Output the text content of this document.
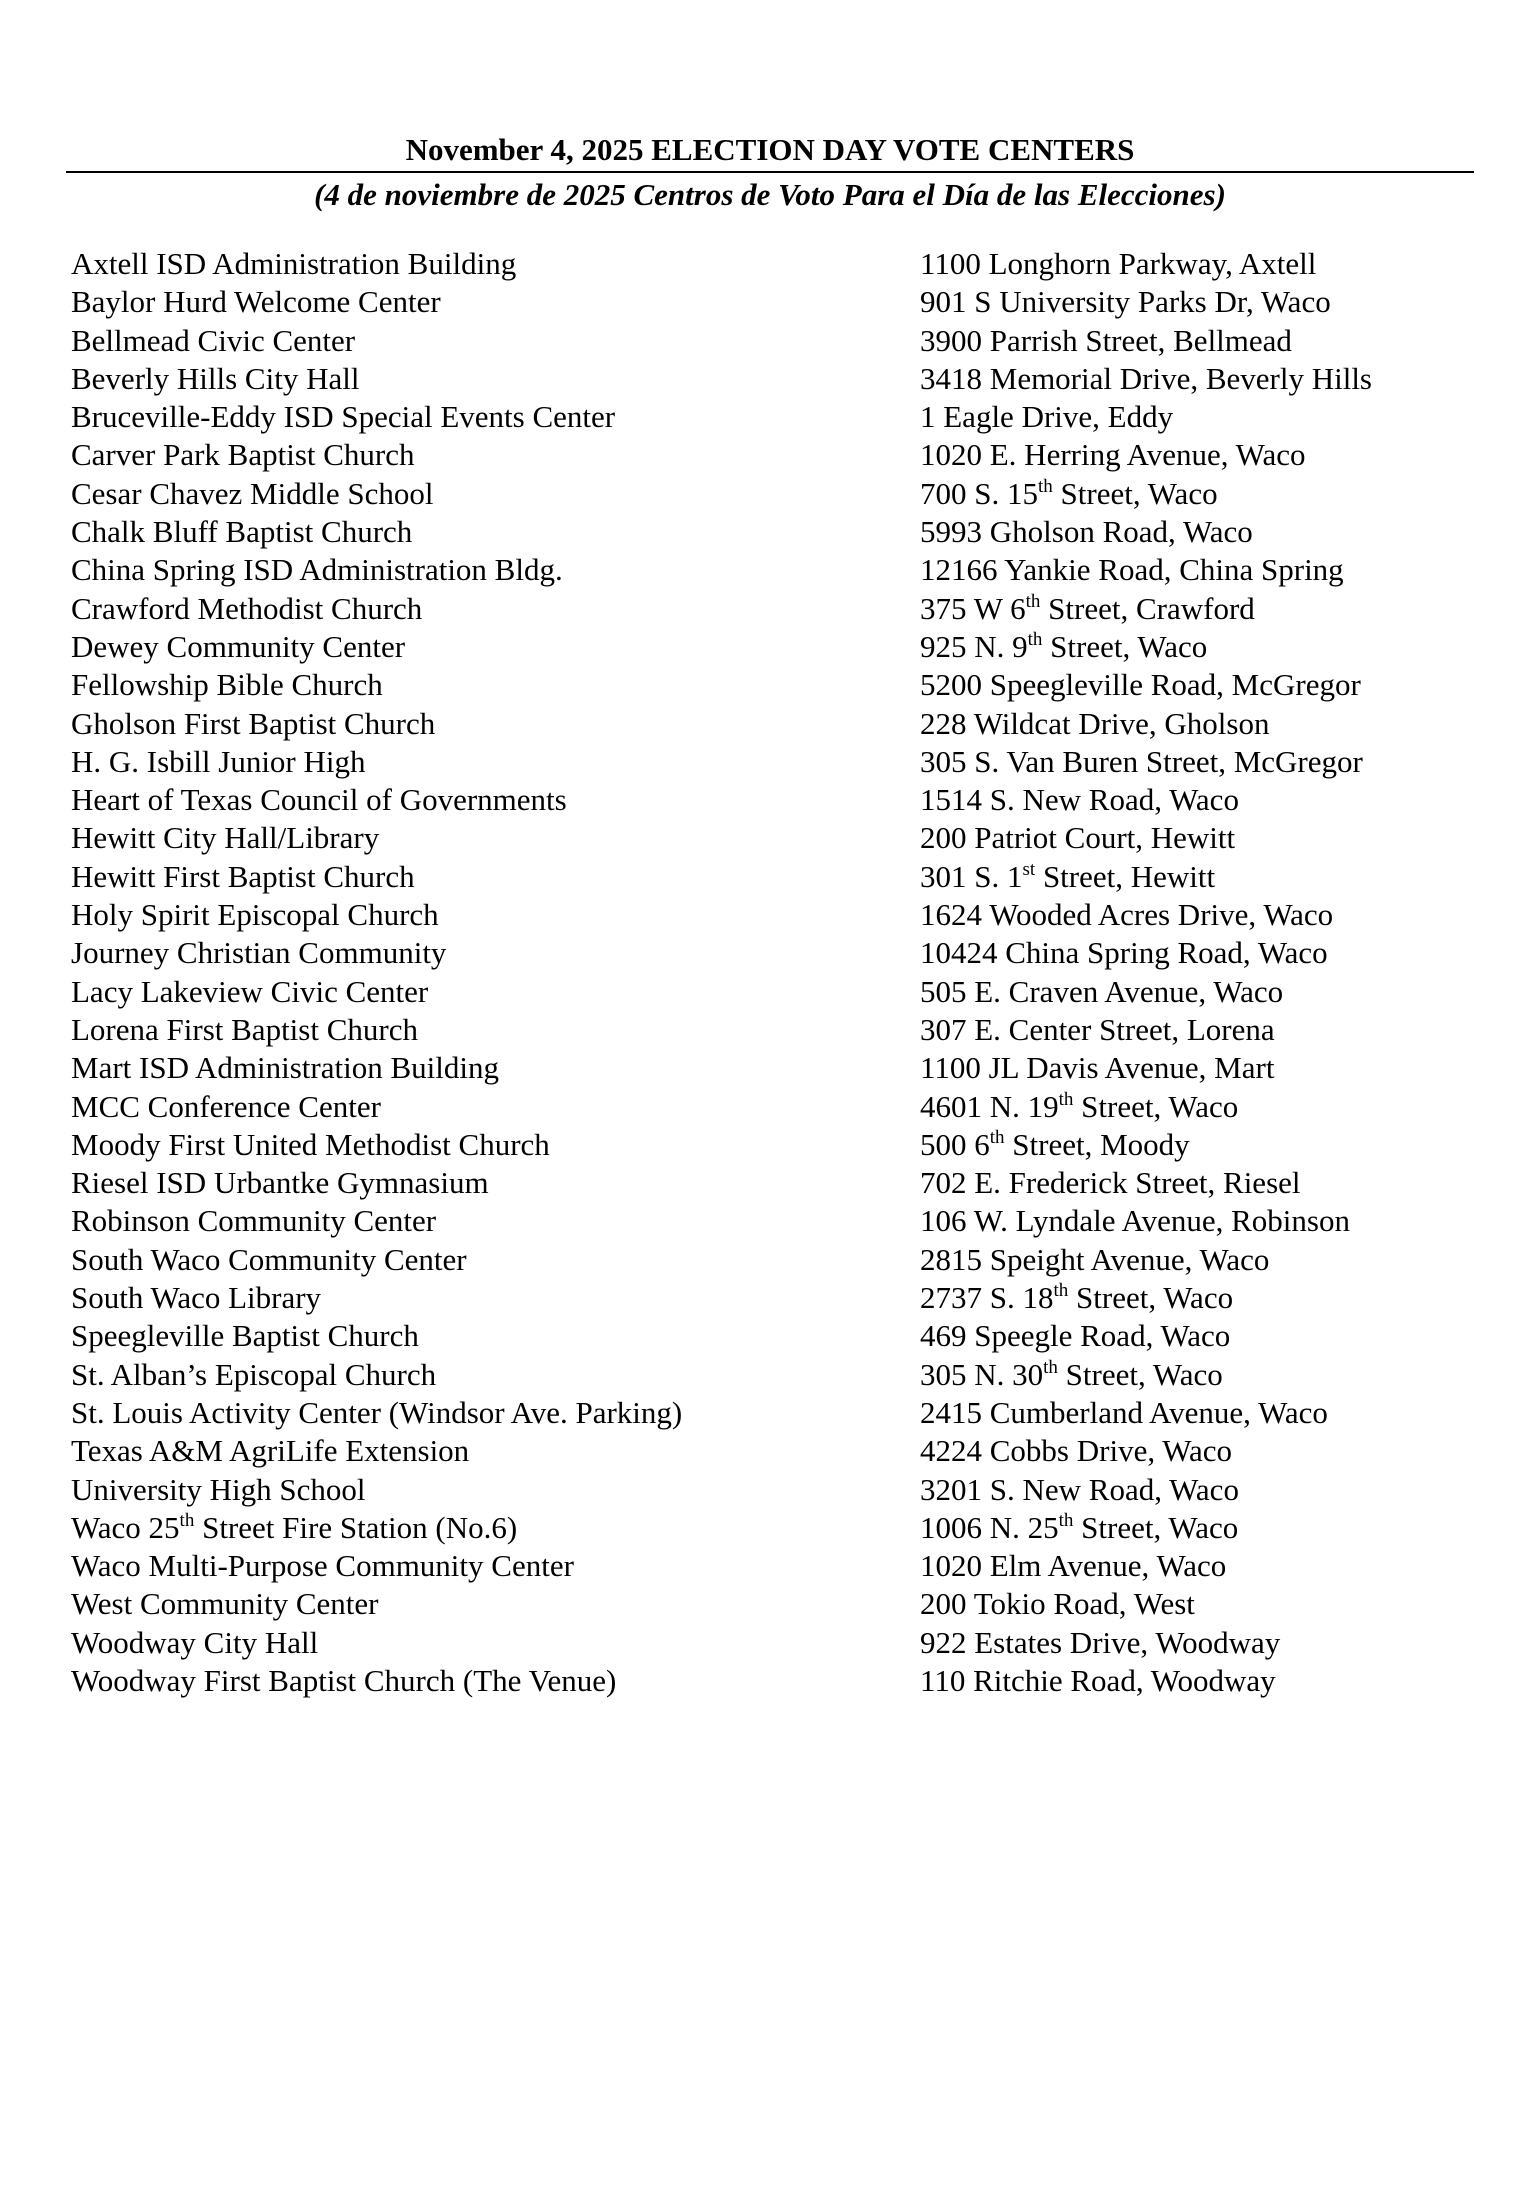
November 4, 2025 ELECTION DAY VOTE CENTERS
(4 de noviembre de 2025 Centros de Voto Para el Día de las Elecciones)
Axtell ISD Administration Building	1100 Longhorn Parkway, Axtell
Baylor Hurd Welcome Center	901 S University Parks Dr, Waco
Bellmead Civic Center	3900 Parrish Street, Bellmead
Beverly Hills City Hall	3418 Memorial Drive, Beverly Hills
Bruceville-Eddy ISD Special Events Center	1 Eagle Drive, Eddy
Carver Park Baptist Church	1020 E. Herring Avenue, Waco
Cesar Chavez Middle School	700 S. 15th Street, Waco
Chalk Bluff Baptist Church	5993 Gholson Road, Waco
China Spring ISD Administration Bldg.	12166 Yankie Road, China Spring
Crawford Methodist Church	375 W 6th Street, Crawford
Dewey Community Center	925 N. 9th Street, Waco
Fellowship Bible Church	5200 Speegleville Road, McGregor
Gholson First Baptist Church	228 Wildcat Drive, Gholson
H. G. Isbill Junior High	305 S. Van Buren Street, McGregor
Heart of Texas Council of Governments	1514 S. New Road, Waco
Hewitt City Hall/Library	200 Patriot Court, Hewitt
Hewitt First Baptist Church	301 S. 1st Street, Hewitt
Holy Spirit Episcopal Church	1624 Wooded Acres Drive, Waco
Journey Christian Community	10424 China Spring Road, Waco
Lacy Lakeview Civic Center	505 E. Craven Avenue, Waco
Lorena First Baptist Church	307 E. Center Street, Lorena
Mart ISD Administration Building	1100 JL Davis Avenue, Mart
MCC Conference Center	4601 N. 19th Street, Waco
Moody First United Methodist Church	500 6th Street, Moody
Riesel ISD Urbantke Gymnasium	702 E. Frederick Street, Riesel
Robinson Community Center	106 W. Lyndale Avenue, Robinson
South Waco Community Center	2815 Speight Avenue, Waco
South Waco Library	2737 S. 18th Street, Waco
Speegleville Baptist Church	469 Speegle Road, Waco
St. Alban’s Episcopal Church	305 N. 30th Street, Waco
St. Louis Activity Center (Windsor Ave. Parking)	2415 Cumberland Avenue, Waco
Texas A&M AgriLife Extension	4224 Cobbs Drive, Waco
University High School	3201 S. New Road, Waco
Waco 25th Street Fire Station (No.6)	1006 N. 25th Street, Waco
Waco Multi-Purpose Community Center	1020 Elm Avenue, Waco
West Community Center	200 Tokio Road, West
Woodway City Hall	922 Estates Drive, Woodway
Woodway First Baptist Church (The Venue)	110 Ritchie Road, Woodway
